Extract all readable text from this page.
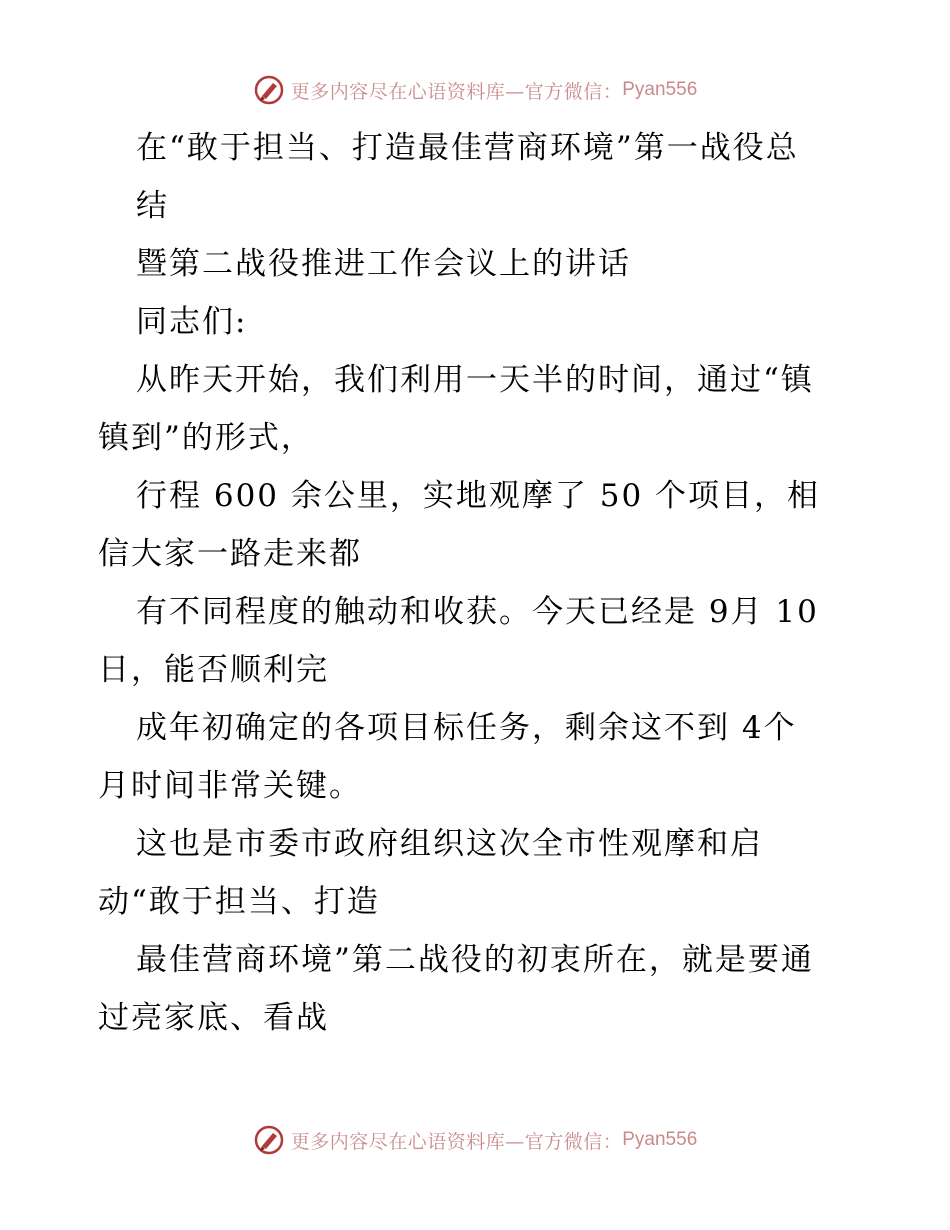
更多内容尽在心语资料库—官方微信： Pyan556
在“敢于担当、打造最佳营商环境”第一战役总
结
暨第二战役推进工作会议上的讲话
同志们:
从昨天开始，我们利用一天半的时间，通过“镇
镇到”的形式，
行程 600 余公里，实地观摩了 50 个项目，相
信大家一路走来都
有不同程度的触动和收获。今天已经是 9月 10
日，能否顺利完
成年初确定的各项目标任务，剩余这不到 4个
月时间非常关键。
这也是市委市政府组织这次全市性观摩和启
动“敢于担当、打造
最佳营商环境”第二战役的初衷所在，就是要通
过亮家底、看战
更多内容尽在心语资料库—官方微信： Pyan556
